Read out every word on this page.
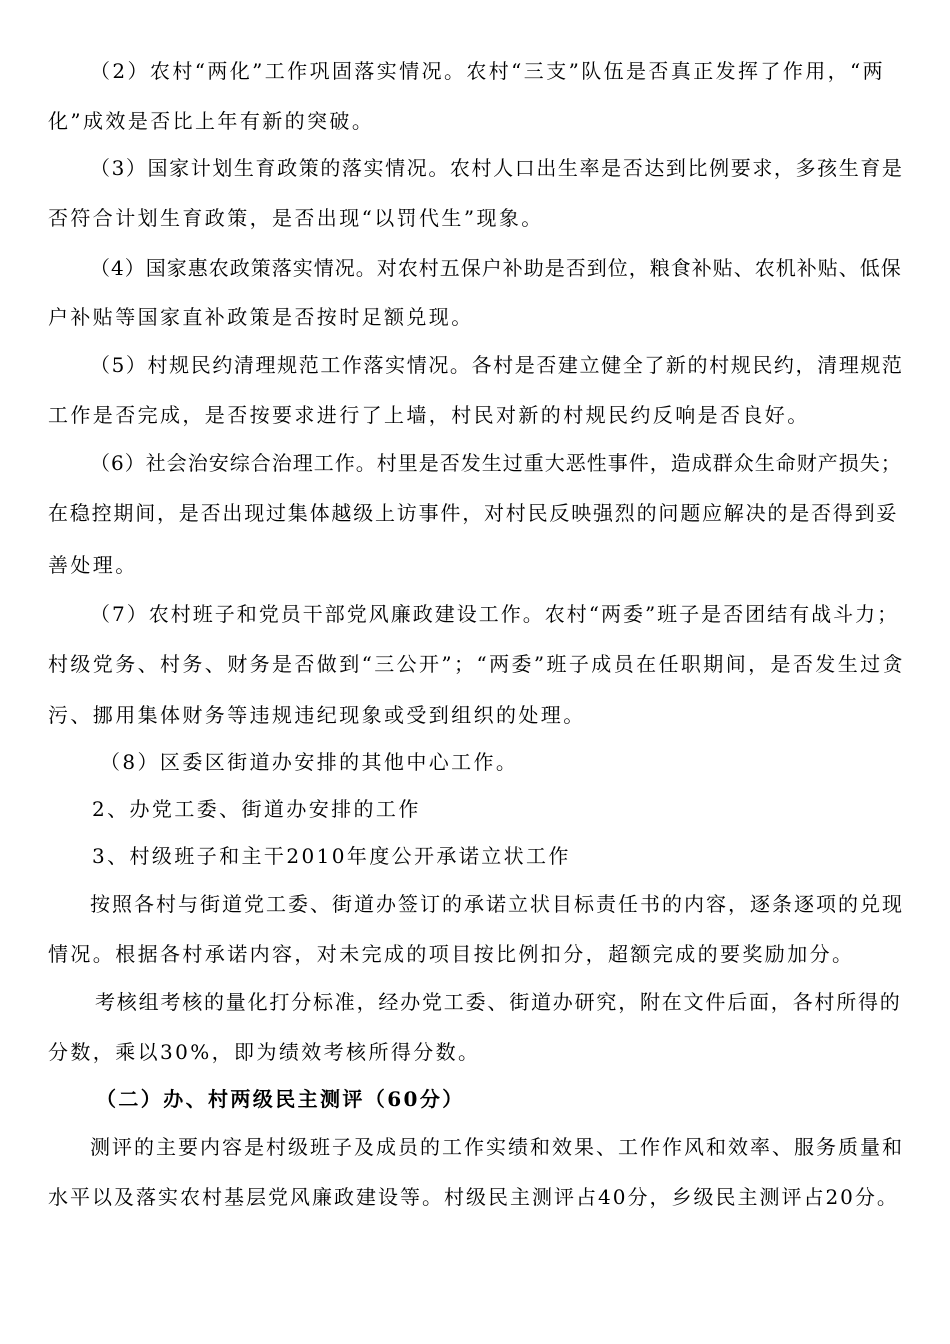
（2）农村“两化”工作巩固落实情况。农村“三支”队伍是否真正发挥了作用，“两
化”成效是否比上年有新的突破。
（3）国家计划生育政策的落实情况。农村人口出生率是否达到比例要求，多孩生育是
否符合计划生育政策，是否出现“以罚代生”现象。
（4）国家惠农政策落实情况。对农村五保户补助是否到位，粮食补贴、农机补贴、低保
户补贴等国家直补政策是否按时足额兑现。
（5）村规民约清理规范工作落实情况。各村是否建立健全了新的村规民约，清理规范
工作是否完成，是否按要求进行了上墙，村民对新的村规民约反响是否良好。
（6）社会治安综合治理工作。村里是否发生过重大恶性事件，造成群众生命财产损失；
在稳控期间，是否出现过集体越级上访事件，对村民反映强烈的问题应解决的是否得到妥
善处理。
（7）农村班子和党员干部党风廉政建设工作。农村“两委”班子是否团结有战斗力；
村级党务、村务、财务是否做到“三公开”；“两委”班子成员在任职期间，是否发生过贪
污、挪用集体财务等违规违纪现象或受到组织的处理。
（8）区委区街道办安排的其他中心工作。
2、办党工委、街道办安排的工作
3、村级班子和主干2010年度公开承诺立状工作
按照各村与街道党工委、街道办签订的承诺立状目标责任书的内容，逐条逐项的兑现
情况。根据各村承诺内容，对未完成的项目按比例扣分，超额完成的要奖励加分。
考核组考核的量化打分标准，经办党工委、街道办研究，附在文件后面，各村所得的
分数，乘以30%，即为绩效考核所得分数。
（二）办、村两级民主测评（60分）
测评的主要内容是村级班子及成员的工作实绩和效果、工作作风和效率、服务质量和
水平以及落实农村基层党风廉政建设等。村级民主测评占40分，乡级民主测评占20分。
